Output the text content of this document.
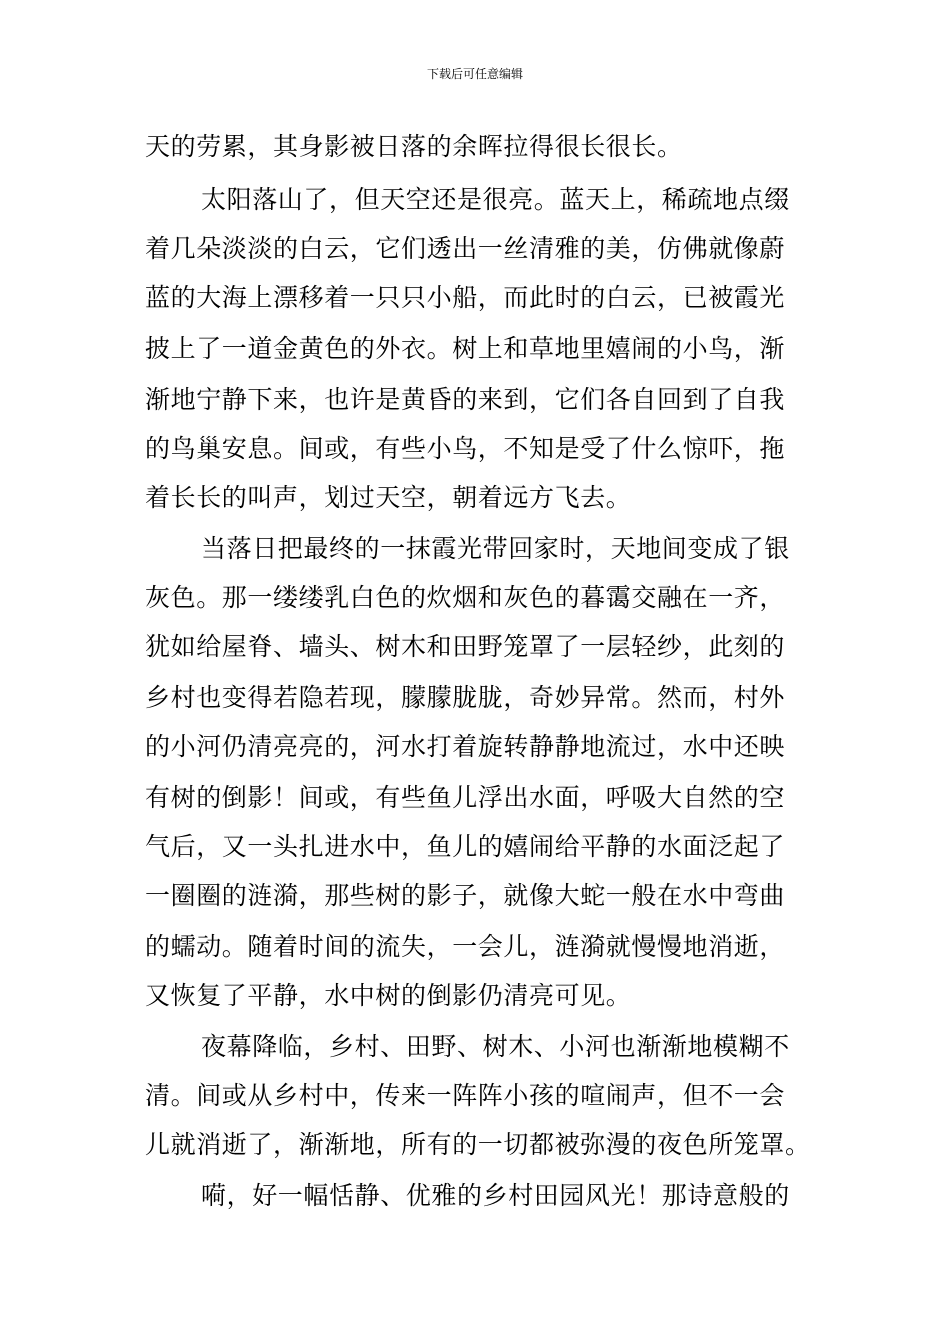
下载后可任意编辑

天的劳累，其身影被日落的余晖拉得很长很长。

太阳落山了，但天空还是很亮。蓝天上，稀疏地点缀

着几朵淡淡的白云，它们透出一丝清雅的美，仿佛就像蔚

蓝的大海上漂移着一只只小船，而此时的白云，已被霞光

披上了一道金黄色的外衣。树上和草地里嬉闹的小鸟，渐

渐地宁静下来，也许是黄昏的来到，它们各自回到了自我

的鸟巢安息。间或，有些小鸟，不知是受了什么惊吓，拖

着长长的叫声，划过天空，朝着远方飞去。

当落日把最终的一抹霞光带回家时，天地间变成了银

灰色。那一缕缕乳白色的炊烟和灰色的暮霭交融在一齐，

犹如给屋脊、墙头、树木和田野笼罩了一层轻纱，此刻的

乡村也变得若隐若现，朦朦胧胧，奇妙异常。然而，村外

的小河仍清亮亮的，河水打着旋转静静地流过，水中还映

有树的倒影！间或，有些鱼儿浮出水面，呼吸大自然的空

气后，又一头扎进水中，鱼儿的嬉闹给平静的水面泛起了

一圈圈的涟漪，那些树的影子，就像大蛇一般在水中弯曲

的蠕动。随着时间的流失，一会儿，涟漪就慢慢地消逝，

又恢复了平静，水中树的倒影仍清亮可见。

夜幕降临，乡村、田野、树木、小河也渐渐地模糊不

清。间或从乡村中，传来一阵阵小孩的喧闹声，但不一会

儿就消逝了，渐渐地，所有的一切都被弥漫的夜色所笼罩。

嗬，好一幅恬静、优雅的乡村田园风光！那诗意般的
